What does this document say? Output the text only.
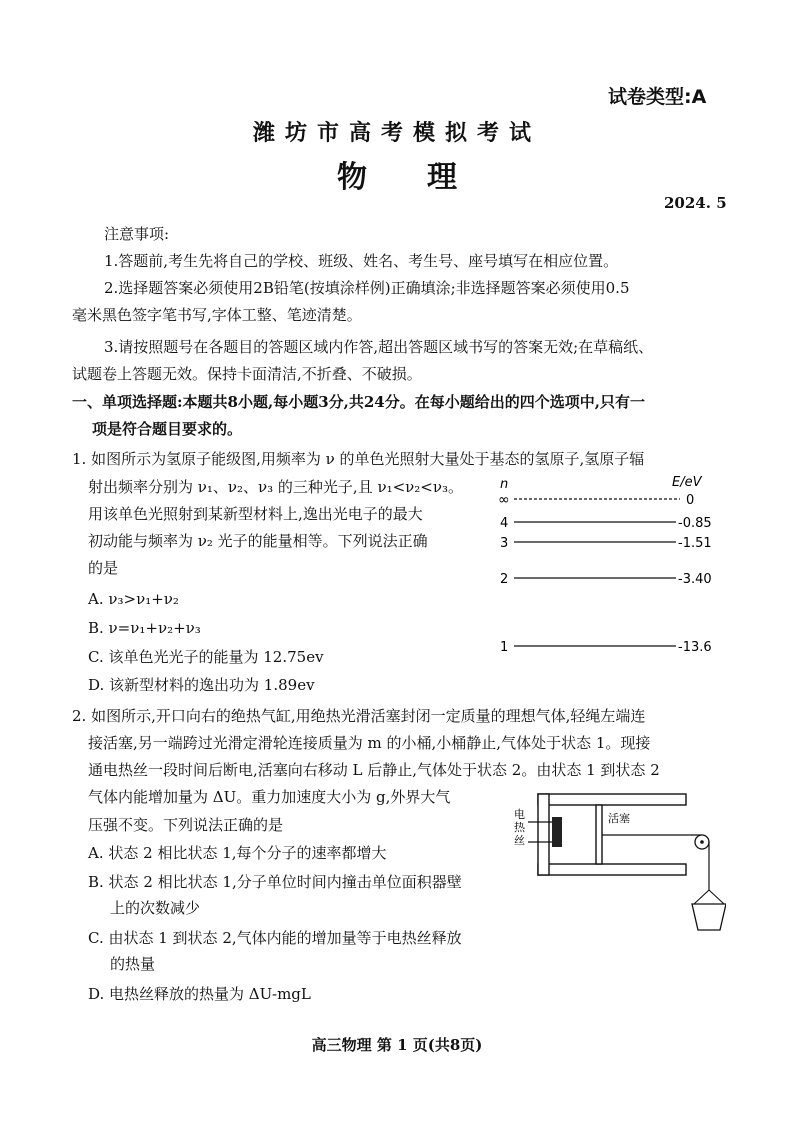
试卷类型:A
潍坊市高考模拟考试
物理
2024. 5
注意事项:
1.答题前,考生先将自己的学校、班级、姓名、考生号、座号填写在相应位置。
2.选择题答案必须使用2B铅笔(按填涂样例)正确填涂;非选择题答案必须使用0.5
毫米黑色签字笔书写,字体工整、笔迹清楚。
3.请按照题号在各题目的答题区域内作答,超出答题区域书写的答案无效;在草稿纸、
试题卷上答题无效。保持卡面清洁,不折叠、不破损。
一、单项选择题:本题共8小题,每小题3分,共24分。在每小题给出的四个选项中,只有一
项是符合题目要求的。
1. 如图所示为氢原子能级图,用频率为 ν 的单色光照射大量处于基态的氢原子,氢原子辐
射出频率分别为 ν₁、ν₂、ν₃ 的三种光子,且 ν₁<ν₂<ν₃。
用该单色光照射到某新型材料上,逸出光电子的最大
初动能与频率为 ν₂ 光子的能量相等。下列说法正确
的是
A. ν₃>ν₁+ν₂
B. ν=ν₁+ν₂+ν₃
C. 该单色光光子的能量为 12.75ev
D. 该新型材料的逸出功为 1.89ev
n	E/eV
∞	0
4	-0.85
3	-1.51
2	-3.40
1	-13.6
2. 如图所示,开口向右的绝热气缸,用绝热光滑活塞封闭一定质量的理想气体,轻绳左端连
接活塞,另一端跨过光滑定滑轮连接质量为 m 的小桶,小桶静止,气体处于状态 1。现接
通电热丝一段时间后断电,活塞向右移动 L 后静止,气体处于状态 2。由状态 1 到状态 2
气体内能增加量为 ΔU。重力加速度大小为 g,外界大气
压强不变。下列说法正确的是
A. 状态 2 相比状态 1,每个分子的速率都增大
B. 状态 2 相比状态 1,分子单位时间内撞击单位面积器壁
上的次数减少
C. 由状态 1 到状态 2,气体内能的增加量等于电热丝释放
的热量
D. 电热丝释放的热量为 ΔU-mgL
电热丝
活塞
高三物理 第 1 页(共8页)
